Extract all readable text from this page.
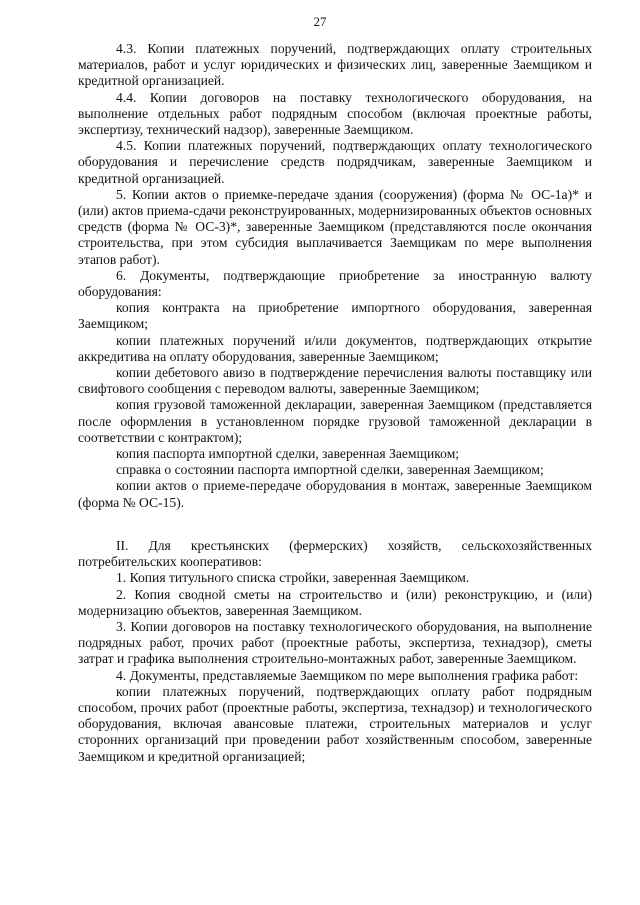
27

4.3. Копии платежных поручений, подтверждающих оплату строительных материалов, работ и услуг юридических и физических лиц, заверенные Заемщиком и кредитной организацией.

4.4. Копии договоров на поставку технологического оборудования, на выполнение отдельных работ подрядным способом (включая проектные работы, экспертизу, технический надзор), заверенные Заемщиком.

4.5. Копии платежных поручений, подтверждающих оплату технологического оборудования и перечисление средств подрядчикам, заверенные Заемщиком и кредитной организацией.

5. Копии актов о приемке-передаче здания (сооружения) (форма № ОС-1а)* и (или) актов приема-сдачи реконструированных, модернизированных объектов основных средств (форма № ОС-3)*, заверенные Заемщиком (представляются после окончания строительства, при этом субсидия выплачивается Заемщикам по мере выполнения этапов работ).

6. Документы, подтверждающие приобретение за иностранную валюту оборудования:

копия контракта на приобретение импортного оборудования, заверенная Заемщиком;

копии платежных поручений и/или документов, подтверждающих открытие аккредитива на оплату оборудования, заверенные Заемщиком;

копии дебетового авизо в подтверждение перечисления валюты поставщику или свифтового сообщения с переводом валюты, заверенные Заемщиком;

копия грузовой таможенной декларации, заверенная Заемщиком (представляется после оформления в установленном порядке грузовой таможенной декларации в соответствии с контрактом);

копия паспорта импортной сделки, заверенная Заемщиком;

справка о состоянии паспорта импортной сделки, заверенная Заемщиком;

копии актов о приеме-передаче оборудования в монтаж, заверенные Заемщиком (форма № ОС-15).

II. Для крестьянских (фермерских) хозяйств, сельскохозяйственных потребительских кооперативов:

1. Копия титульного списка стройки, заверенная Заемщиком.

2. Копия сводной сметы на строительство и (или) реконструкцию, и (или) модернизацию объектов, заверенная Заемщиком.

3. Копии договоров на поставку технологического оборудования, на выполнение подрядных работ, прочих работ (проектные работы, экспертиза, технадзор), сметы затрат и графика выполнения строительно-монтажных работ, заверенные Заемщиком.

4. Документы, представляемые Заемщиком по мере выполнения графика работ:

копии платежных поручений, подтверждающих оплату работ подрядным способом, прочих работ (проектные работы, экспертиза, технадзор) и технологического оборудования, включая авансовые платежи, строительных материалов и услуг сторонних организаций при проведении работ хозяйственным способом, заверенные Заемщиком и кредитной организацией;
